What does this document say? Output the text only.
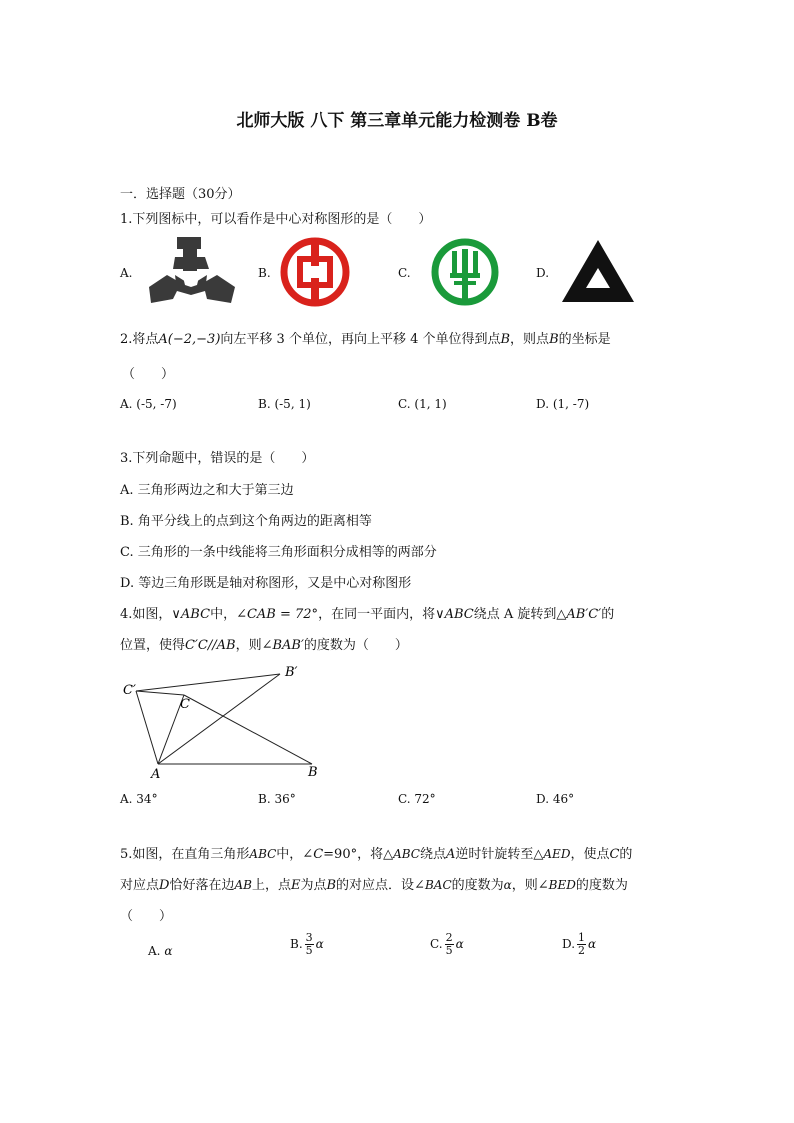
北师大版 八下 第三章单元能力检测卷 B卷
一．选择题（30分）
1.下列图标中，可以看作是中心对称图形的是（　　）
A.	B.	C.	D.
2.将点A(−2,−3)向左平移 3 个单位，再向上平移 4 个单位得到点B，则点B的坐标是
（　　）
A. (-5, -7)	B. (-5, 1)	C. (1, 1)	D. (1, -7)
3.下列命题中，错误的是（　　）
A. 三角形两边之和大于第三边
B. 角平分线上的点到这个角两边的距离相等
C. 三角形的一条中线能将三角形面积分成相等的两部分
D. 等边三角形既是轴对称图形，又是中心对称图形
4.如图，∨ABC中，∠CAB = 72°，在同一平面内，将∨ABC绕点 A 旋转到△AB′C′的
位置，使得C′C//AB，则∠BAB′的度数为（　　）
C′
C
B′
A	B
A. 34°	B. 36°	C. 72°	D. 46°
5.如图，在直角三角形ABC中，∠C=90°，将△ABC绕点A逆时针旋转至△AED，使点C的
对应点D恰好落在边AB上，点E为点B的对应点．设∠BAC的度数为α，则∠BED的度数为
（　　）
A. α	B. $\frac{3}{5}$ α	C. $\frac{2}{5}$ α	D. $\frac{1}{2}$ α
